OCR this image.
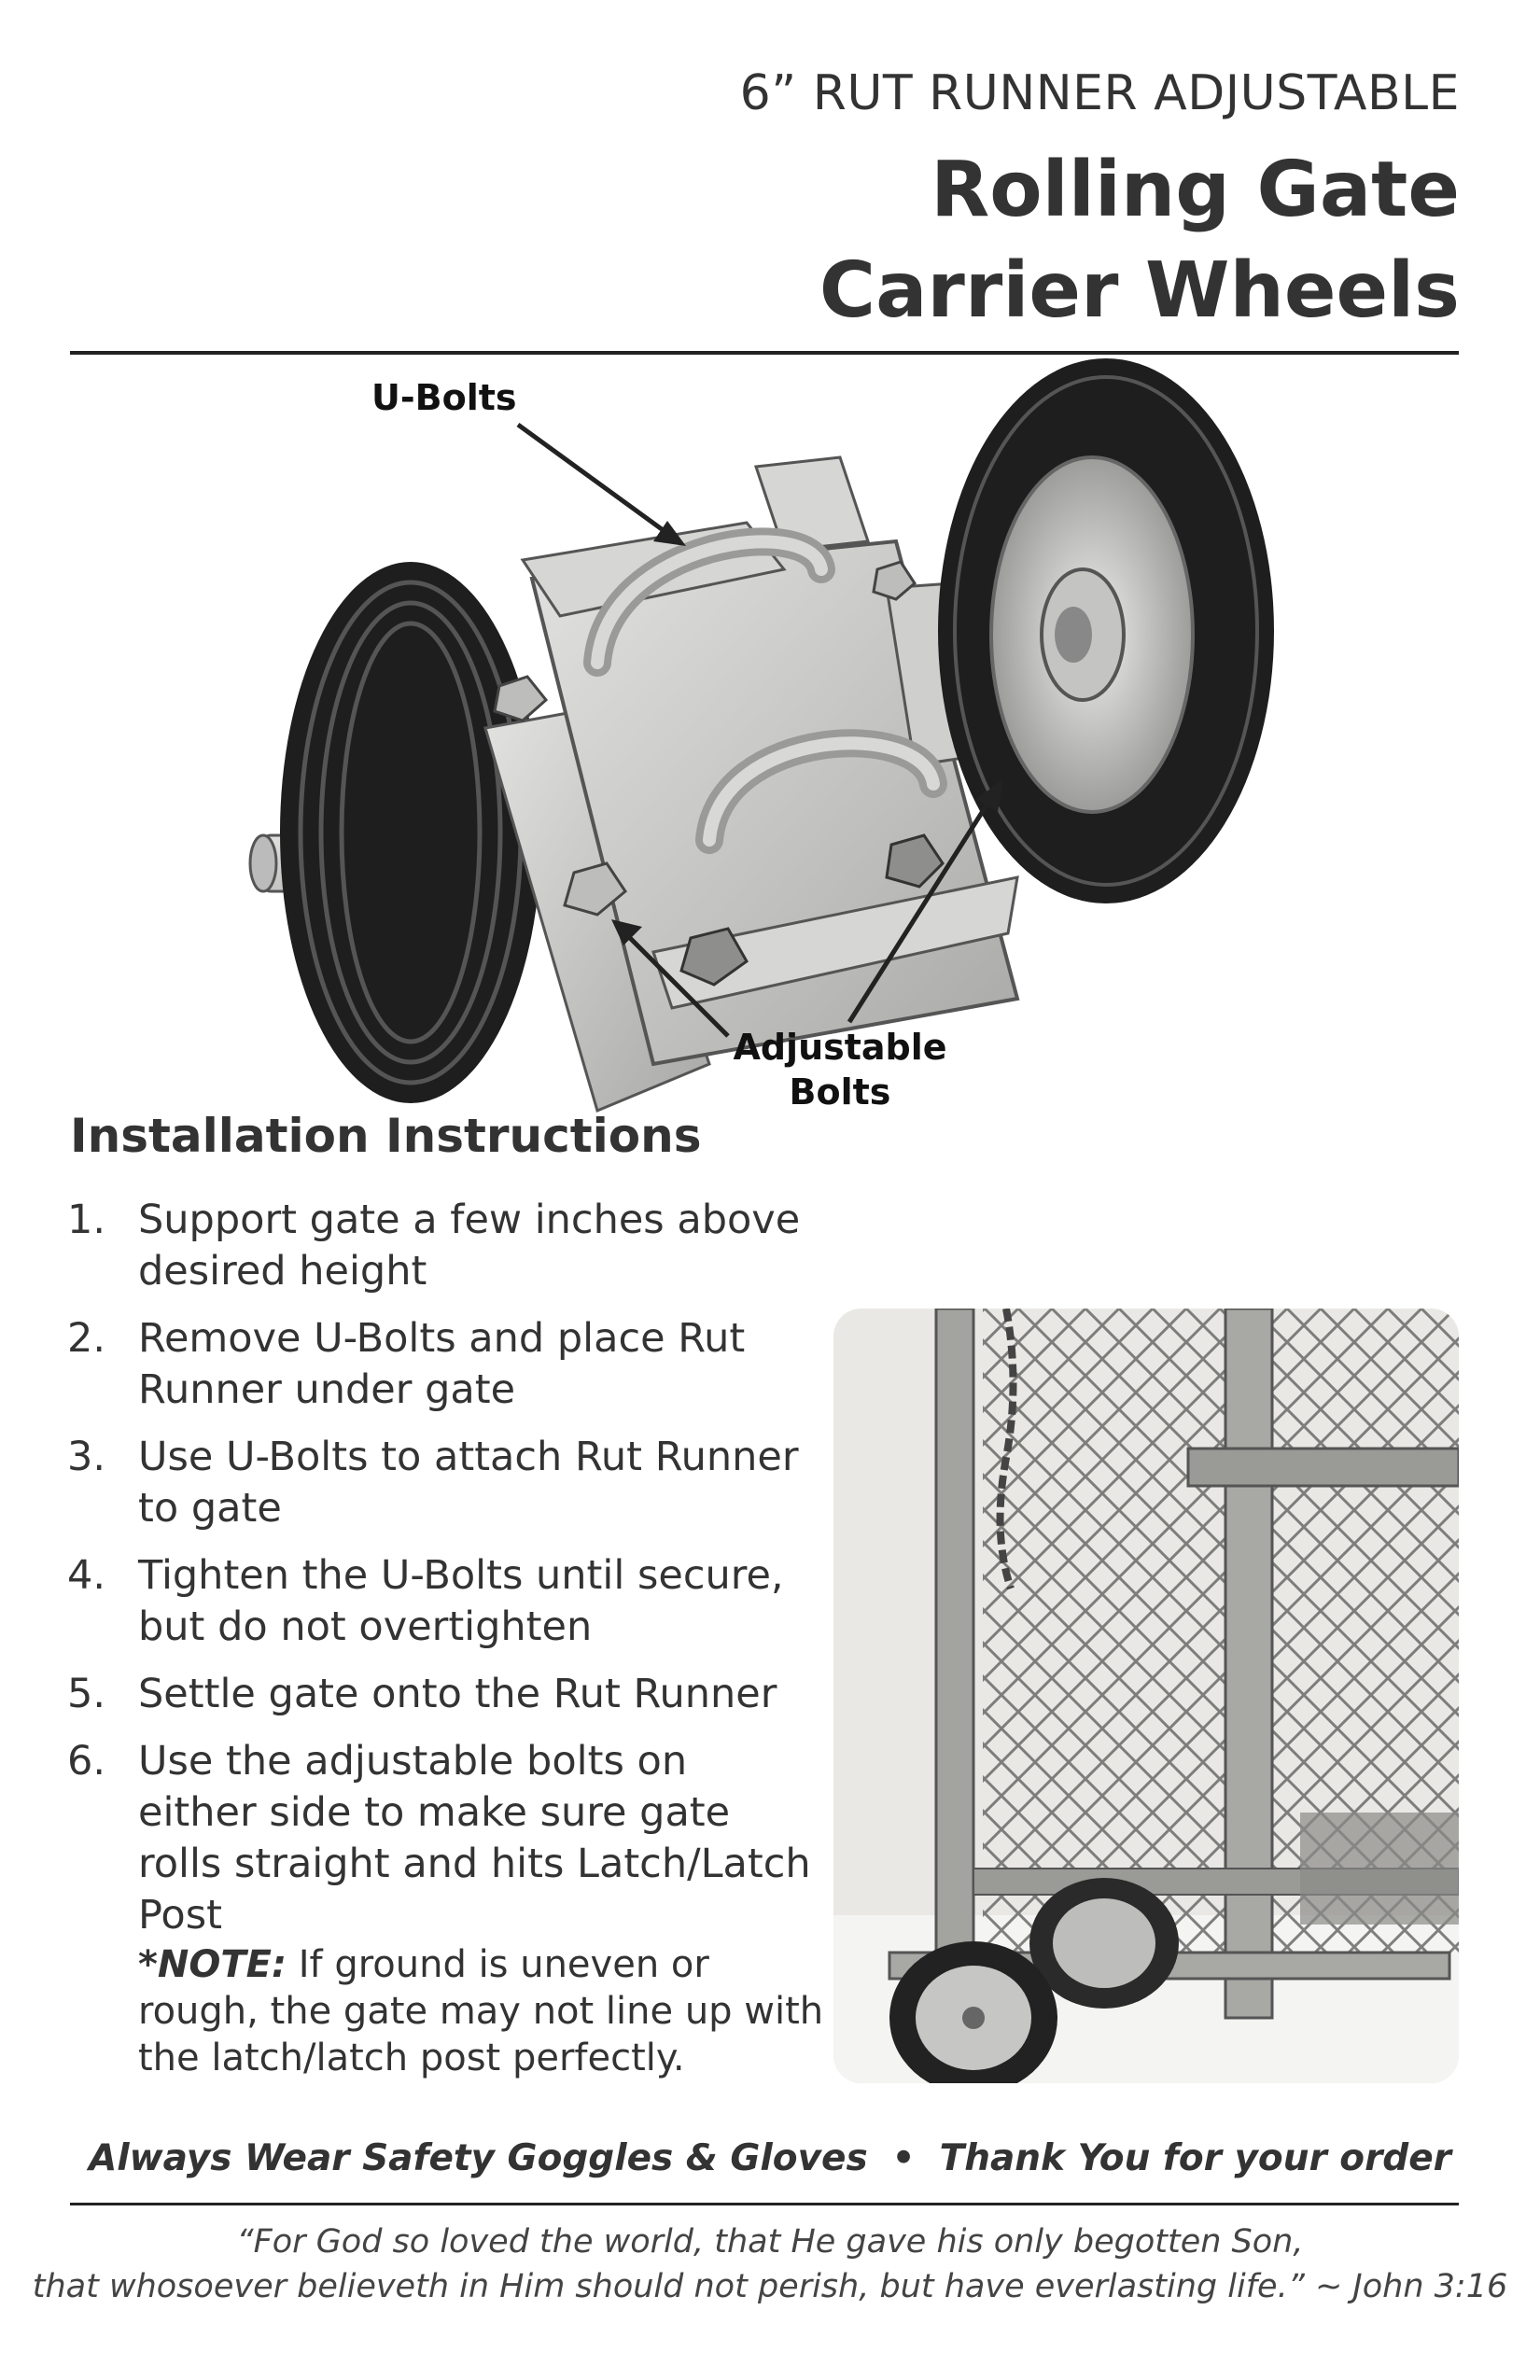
6” RUT RUNNER ADJUSTABLE
Rolling Gate
Carrier Wheels
U-Bolts
Adjustable
Bolts
Installation Instructions
1. Support gate a few inches above desired height
2. Remove U-Bolts and place Rut Runner under gate
3. Use U-Bolts to attach Rut Runner to gate
4. Tighten the U-Bolts until secure, but do not overtighten
5. Settle gate onto the Rut Runner
6. Use the adjustable bolts on either side to make sure gate rolls straight and hits Latch/Latch Post
*NOTE: If ground is uneven or rough, the gate may not line up with the latch/latch post perfectly.
Always Wear Safety Goggles & Gloves • Thank You for your order
“For God so loved the world, that He gave his only begotten Son,
that whosoever believeth in Him should not perish, but have everlasting life.” ~ John 3:16
